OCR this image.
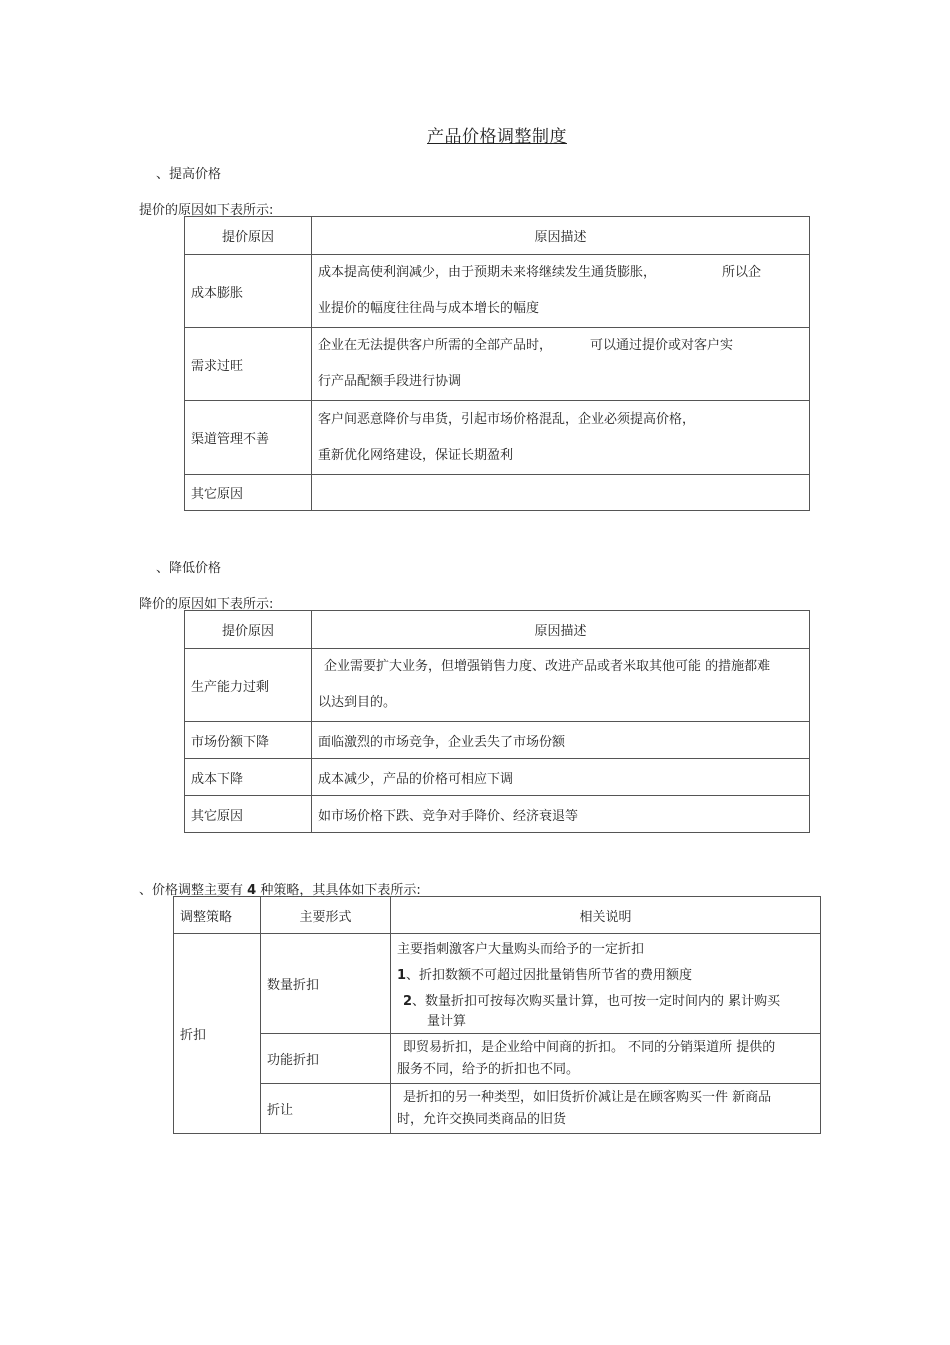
产品价格调整制度
、提高价格
提价的原因如下表所示:
提价原因	原因描述
成本膨胀	成本提高使利润减少，由于预期未来将继续发生通货膨胀， 所以企
业提价的幅度往往咼与成本增长的幅度

需求过旺	企业在无法提供客户所需的全部产品时， 可以通过提价或对客户实
行产品配额手段进行协调

渠道管理不善	客户间恶意降价与串货，引起市场价格混乱，企业必须提高价格，
重新优化网络建设，保证长期盈利

其它原因	
、降低价格
降价的原因如下表所示:
提价原因	原因描述
生产能力过剩	企业需要扩大业务，但增强销售力度、改进产品或者米取其他可能 的措施都难
以达到目的。

市场份额下降	面临激烈的市场竞争，企业丢失了市场份额
成本下降	成本减少，产品的价格可相应下调
其它原因	如市场价格下跌、竞争对手降价、经济衰退等
、价格调整主要有 4 种策略，其具体如下表所示:
调整策略	主要形式	相关说明
折扣	数量折扣	主要指刺激客户大量购头而给予的一定折扣
1、折扣数额不可超过因批量销售所节省的费用额度
2、数量折扣可按每次购买量计算，也可按一定时间内的 累计购买
量计算

	功能折扣	即贸易折扣，是企业给中间商的折扣。 不同的分销渠道所 提供的
服务不同，给予的折扣也不同。

	折让	是折扣的另一种类型，如旧货折价减让是在顾客购买一件 新商品
时，允许交换同类商品的旧货
